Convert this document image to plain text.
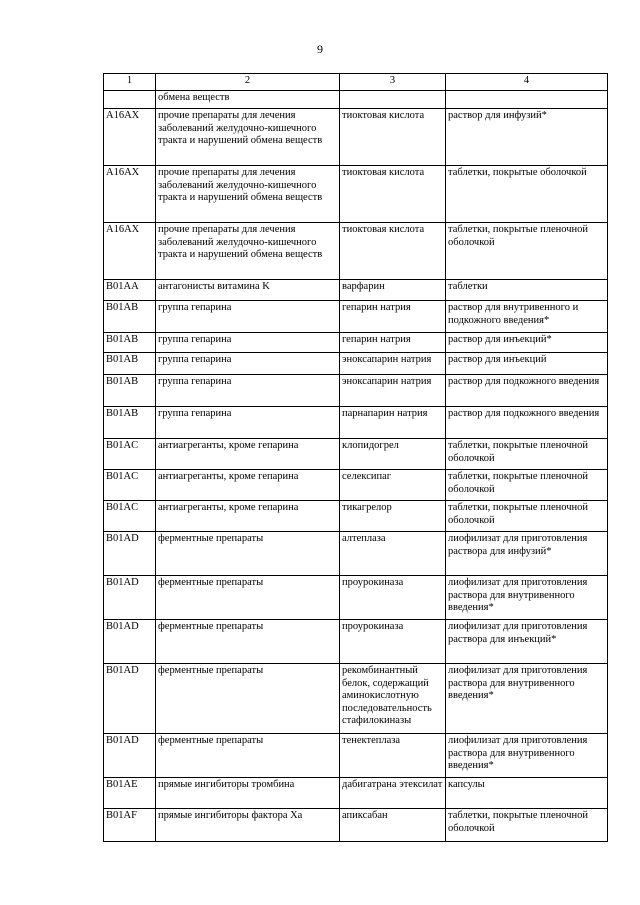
9
1	2	3	4
	обмена веществ		
A16AX	прочие препараты для лечения заболеваний желудочно-кишечного тракта и нарушений обмена веществ	тиоктовая кислота	раствор для инфузий*
A16AX	прочие препараты для лечения заболеваний желудочно-кишечного тракта и нарушений обмена веществ	тиоктовая кислота	таблетки, покрытые оболочкой
A16AX	прочие препараты для лечения заболеваний желудочно-кишечного тракта и нарушений обмена веществ	тиоктовая кислота	таблетки, покрытые пленочной оболочкой
B01AA	антагонисты витамина K	варфарин	таблетки
B01AB	группа гепарина	гепарин натрия	раствор для внутривенного и подкожного введения*
B01AB	группа гепарина	гепарин натрия	раствор для инъекций*
B01AB	группа гепарина	эноксапарин натрия	раствор для инъекций
B01AB	группа гепарина	эноксапарин натрия	раствор для подкожного введения
B01AB	группа гепарина	парнапарин натрия	раствор для подкожного введения
B01AC	антиагреганты, кроме гепарина	клопидогрел	таблетки, покрытые пленочной оболочкой
B01AC	антиагреганты, кроме гепарина	селексипаг	таблетки, покрытые пленочной оболочкой
B01AC	антиагреганты, кроме гепарина	тикагрелор	таблетки, покрытые пленочной оболочкой
B01AD	ферментные препараты	алтеплаза	лиофилизат для приготовления раствора для инфузий*
B01AD	ферментные препараты	проурокиназа	лиофилизат для приготовления раствора для внутривенного введения*
B01AD	ферментные препараты	проурокиназа	лиофилизат для приготовления раствора для инъекций*
B01AD	ферментные препараты	рекомбинантный белок, содержащий аминокислотную последовательность стафилокиназы	лиофилизат для приготовления раствора для внутривенного введения*
B01AD	ферментные препараты	тенектеплаза	лиофилизат для приготовления раствора для внутривенного введения*
B01AE	прямые ингибиторы тромбина	дабигатрана этексилат	капсулы
B01AF	прямые ингибиторы фактора Xa	апиксабан	таблетки, покрытые пленочной оболочкой
